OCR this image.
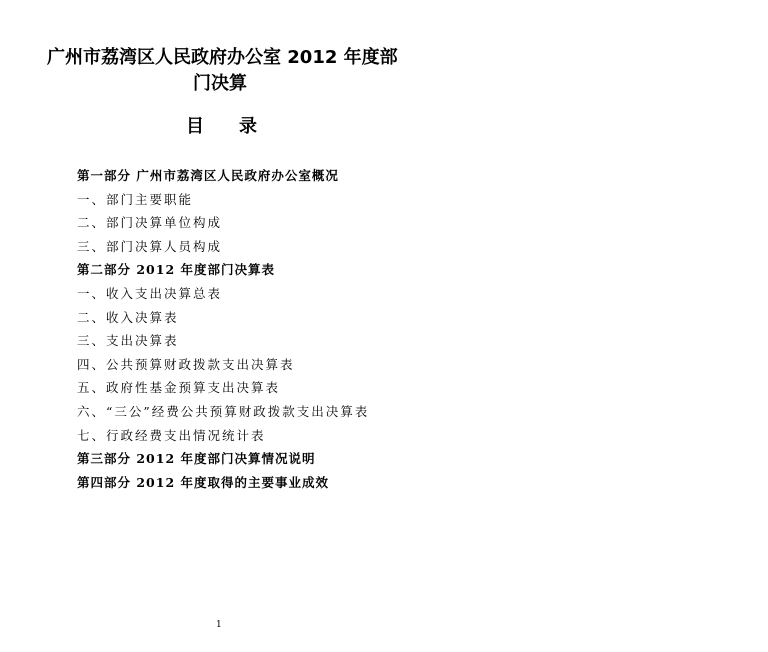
广州市荔湾区人民政府办公室 2012 年度部
门决算
目录
第一部分 广州市荔湾区人民政府办公室概况
一、部门主要职能
二、部门决算单位构成
三、部门决算人员构成
第二部分 2012 年度部门决算表
一、收入支出决算总表
二、收入决算表
三、支出决算表
四、公共预算财政拨款支出决算表
五、政府性基金预算支出决算表
六、“三公”经费公共预算财政拨款支出决算表
七、行政经费支出情况统计表
第三部分 2012 年度部门决算情况说明
第四部分 2012 年度取得的主要事业成效
1
